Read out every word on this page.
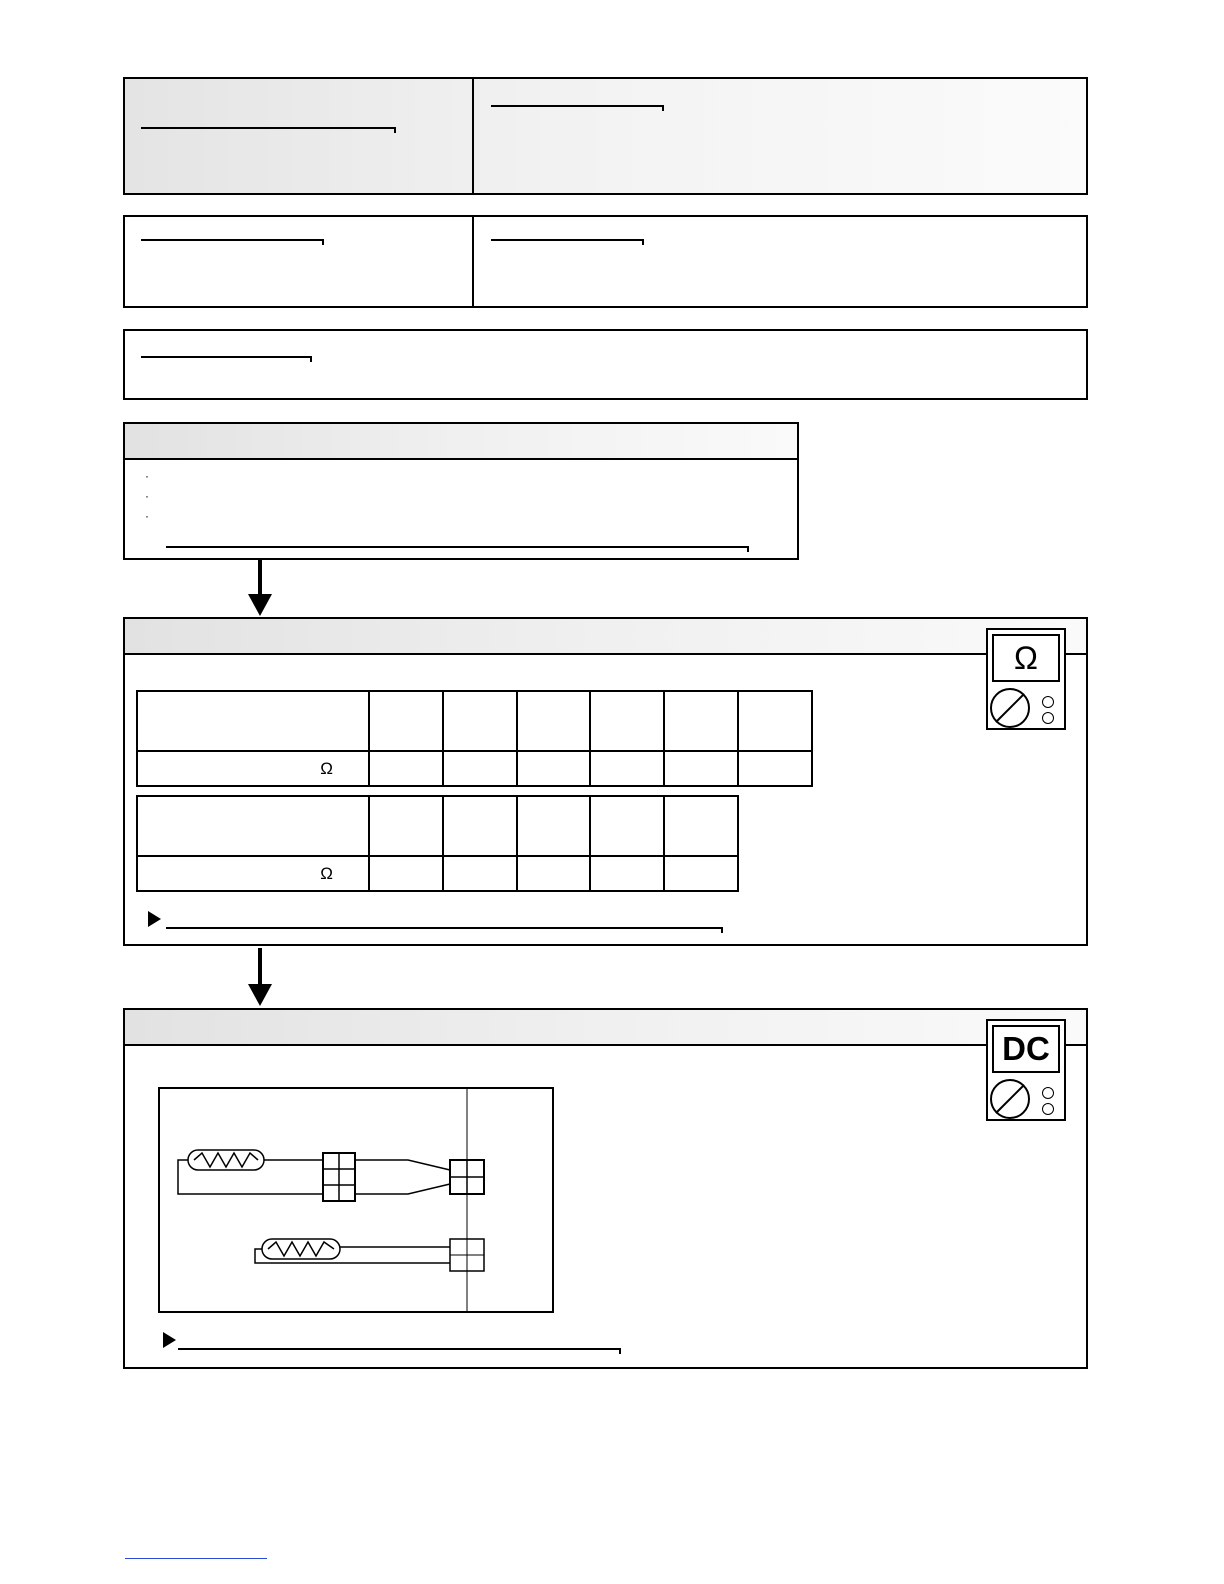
·
·
·

Ω						

Ω					

Ω
DC
